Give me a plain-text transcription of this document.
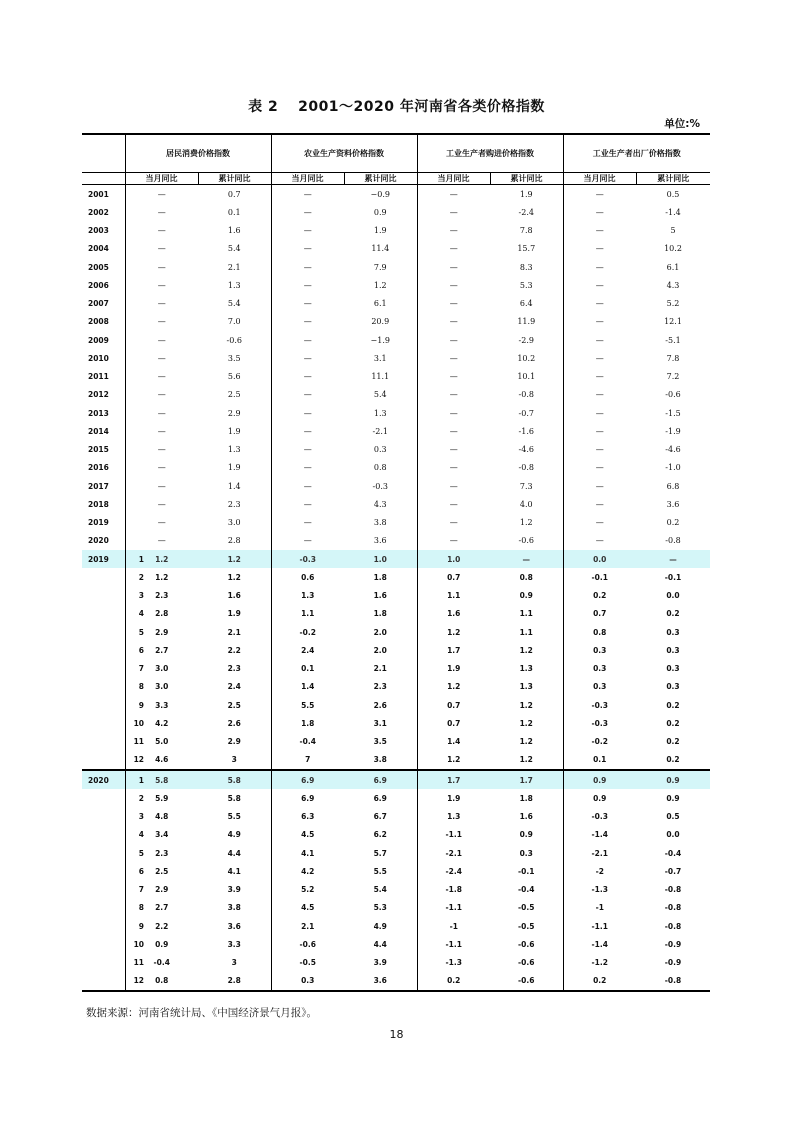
表 2　 2001～2020 年河南省各类价格指数
单位:%
	居民消费价格指数		农业生产资料价格指数		工业生产者购进价格指数		工业生产者出厂价格指数	
	当月同比	累计同比	当月同比	累计同比	当月同比	累计同比	当月同比	累计同比
2001	—	0.7	—	−0.9	—	1.9	—	0.5
2002	—	0.1	—	0.9	—	-2.4	—	-1.4
2003	—	1.6	—	1.9	—	7.8	—	5
2004	—	5.4	—	11.4	—	15.7	—	10.2
2005	—	2.1	—	7.9	—	8.3	—	6.1
2006	—	1.3	—	1.2	—	5.3	—	4.3
2007	—	5.4	—	6.1	—	6.4	—	5.2
2008	—	7.0	—	20.9	—	11.9	—	12.1
2009	—	-0.6	—	−1.9	—	-2.9	—	-5.1
2010	—	3.5	—	3.1	—	10.2	—	7.8
2011	—	5.6	—	11.1	—	10.1	—	7.2
2012	—	2.5	—	5.4	—	-0.8	—	-0.6
2013	—	2.9	—	1.3	—	-0.7	—	-1.5
2014	—	1.9	—	-2.1	—	-1.6	—	-1.9
2015	—	1.3	—	0.3	—	-4.6	—	-4.6
2016	—	1.9	—	0.8	—	-0.8	—	-1.0
2017	—	1.4	—	-0.3	—	7.3	—	6.8
2018	—	2.3	—	4.3	—	4.0	—	3.6
2019	—	3.0	—	3.8	—	1.2	—	0.2
2020	—	2.8	—	3.6	—	-0.6	—	-0.8
2019 1	1.2	1.2	-0.3	1.0	1.0	—	0.0	—
2	1.2	1.2	0.6	1.8	0.7	0.8	-0.1	-0.1
3	2.3	1.6	1.3	1.6	1.1	0.9	0.2	0.0
4	2.8	1.9	1.1	1.8	1.6	1.1	0.7	0.2
5	2.9	2.1	-0.2	2.0	1.2	1.1	0.8	0.3
6	2.7	2.2	2.4	2.0	1.7	1.2	0.3	0.3
7	3.0	2.3	0.1	2.1	1.9	1.3	0.3	0.3
8	3.0	2.4	1.4	2.3	1.2	1.3	0.3	0.3
9	3.3	2.5	5.5	2.6	0.7	1.2	-0.3	0.2
10	4.2	2.6	1.8	3.1	0.7	1.2	-0.3	0.2
11	5.0	2.9	-0.4	3.5	1.4	1.2	-0.2	0.2
12	4.6	3	7	3.8	1.2	1.2	0.1	0.2
2020 1	5.8	5.8	6.9	6.9	1.7	1.7	0.9	0.9
2	5.9	5.8	6.9	6.9	1.9	1.8	0.9	0.9
3	4.8	5.5	6.3	6.7	1.3	1.6	-0.3	0.5
4	3.4	4.9	4.5	6.2	-1.1	0.9	-1.4	0.0
5	2.3	4.4	4.1	5.7	-2.1	0.3	-2.1	-0.4
6	2.5	4.1	4.2	5.5	-2.4	-0.1	-2	-0.7
7	2.9	3.9	5.2	5.4	-1.8	-0.4	-1.3	-0.8
8	2.7	3.8	4.5	5.3	-1.1	-0.5	-1	-0.8
9	2.2	3.6	2.1	4.9	-1	-0.5	-1.1	-0.8
10	0.9	3.3	-0.6	4.4	-1.1	-0.6	-1.4	-0.9
11	-0.4	3	-0.5	3.9	-1.3	-0.6	-1.2	-0.9
12	0.8	2.8	0.3	3.6	0.2	-0.6	0.2	-0.8
数据来源：河南省统计局、《中国经济景气月报》。
18
